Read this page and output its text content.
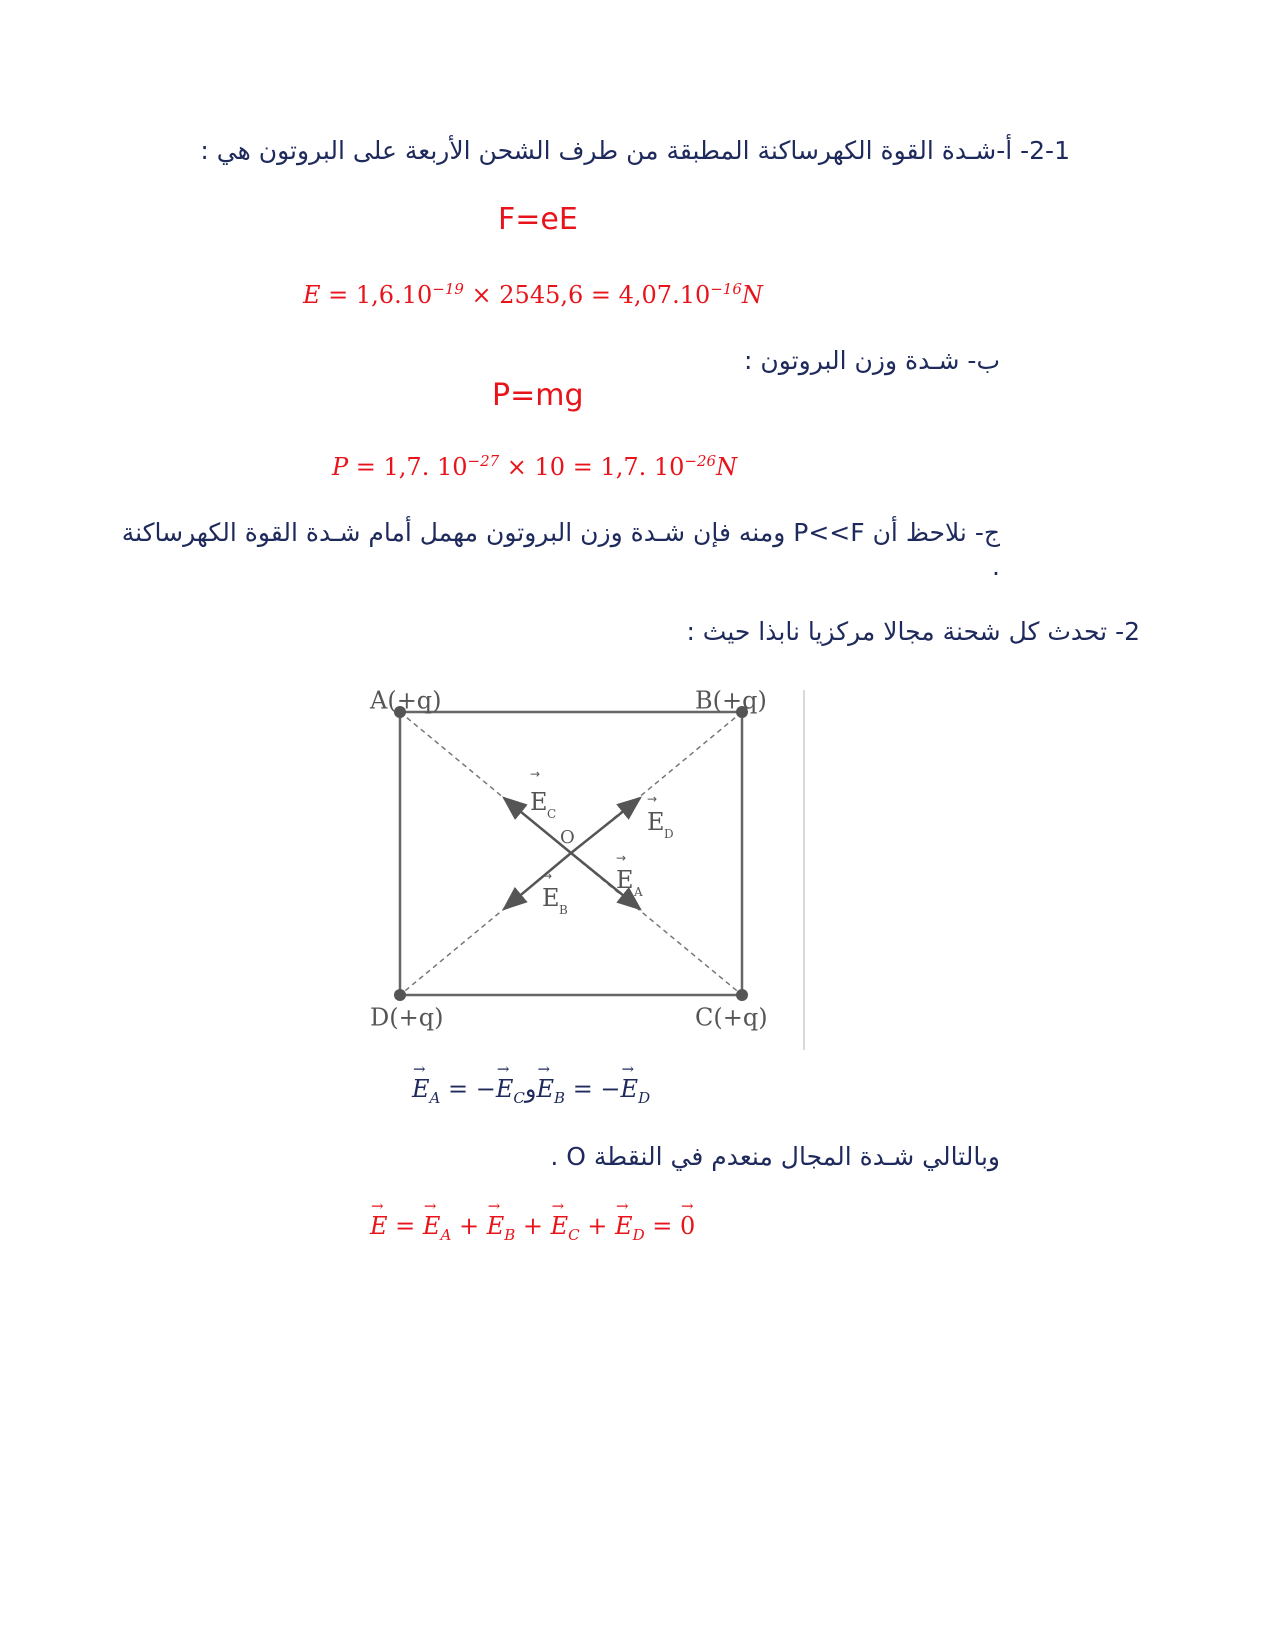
2-1- أ-شـدة القوة الكهرساكنة المطبقة من طرف الشحن الأربعة على البروتون هي :
F=eE
$E = 1,6.10^{-19} \times 2545,6 = 4,07.10^{-16}N$
ب- شـدة وزن البروتون :
P=mg
P = 1,7. $10^{-27} \times 10 = 1,7$. $10^{-26}N$
ج- نلاحظ أن P<<F ومنه فإن شـدة وزن البروتون مهمل أمام شـدة القوة الكهرساكنة
.
2- تحدث كل شحنة مجالا مركزيا نابذا حيث :
A(+q)	B(+q)
C(+q)
D(+q)
O
→
E C
→
E D
→
E A
→
E B
→ $E_A$ = −→ $E_Cو\to E_B$ = −→ $E_D$
وبالتالي شـدة المجال منعدم في النقطة O .
→ E = → $E_A$ + → $E_B$ + → $E_C$ + → $E_D$ = → 0
